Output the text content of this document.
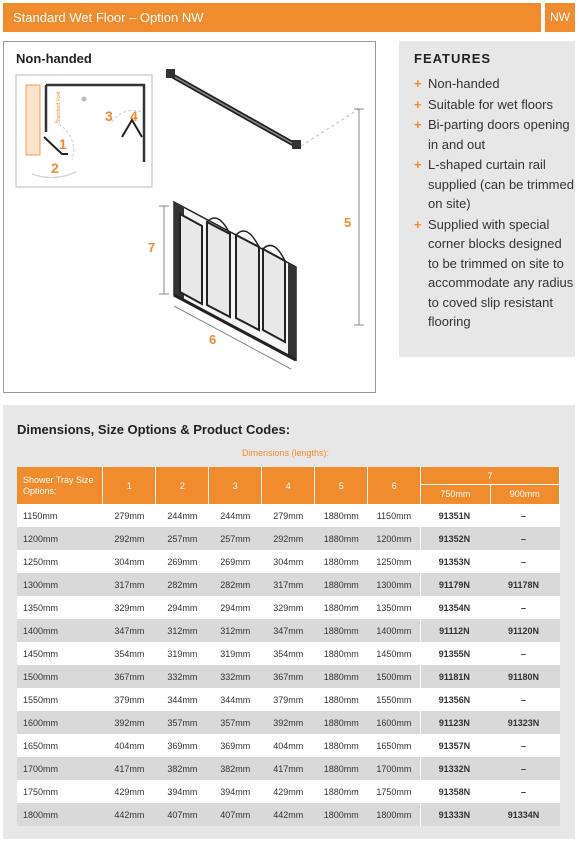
Standard Wet Floor – Option NW	NW
Non-handed
Standard Void
1
2
3 4
5
7
6
FEATURES
+ Non-handed
+ Suitable for wet floors
+ Bi-parting doors opening in and out
+ L-shaped curtain rail supplied (can be trimmed on site)
+ Supplied with special corner blocks designed to be trimmed on site to accommodate any radius to coved slip resistant flooring
Dimensions, Size Options & Product Codes:
Dimensions (lengths):
Shower Tray Size Options:	1	2	3	4	5	6	7
750mm 900mm	

1150mm	279mm	244mm	244mm	279mm	1880mm	1150mm	91351N	–
1200mm	292mm	257mm	257mm	292mm	1880mm	1200mm	91352N	–
1250mm	304mm	269mm	269mm	304mm	1880mm	1250mm	91353N	–
1300mm	317mm	282mm	282mm	317mm	1880mm	1300mm	91179N	91178N
1350mm	329mm	294mm	294mm	329mm	1880mm	1350mm	91354N	–
1400mm	347mm	312mm	312mm	347mm	1880mm	1400mm	91112N	91120N
1450mm	354mm	319mm	319mm	354mm	1880mm	1450mm	91355N	–
1500mm	367mm	332mm	332mm	367mm	1880mm	1500mm	91181N	91180N
1550mm	379mm	344mm	344mm	379mm	1880mm	1550mm	91356N	–
1600mm	392mm	357mm	357mm	392mm	1880mm	1600mm	91123N	91323N
1650mm	404mm	369mm	369mm	404mm	1880mm	1650mm	91357N	–
1700mm	417mm	382mm	382mm	417mm	1880mm	1700mm	91332N	–
1750mm	429mm	394mm	394mm	429mm	1880mm	1750mm	91358N	–
1800mm	442mm	407mm	407mm	442mm	1800mm	1800mm	91333N	91334N
